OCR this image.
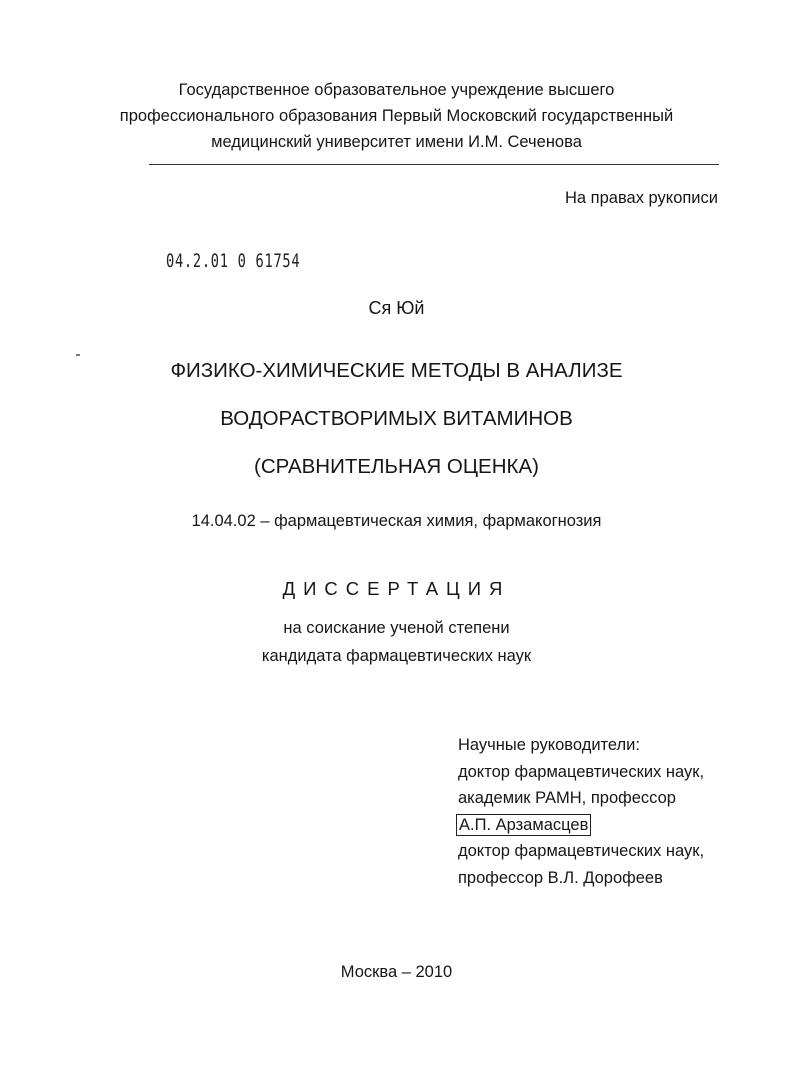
Государственное образовательное учреждение высшего
профессионального образования Первый Московский государственный
медицинский университет имени И.М. Сеченова
На правах рукописи
04.2.01 0 61754
Ся Юй
ФИЗИКО-ХИМИЧЕСКИЕ МЕТОДЫ В АНАЛИЗЕ
ВОДОРАСТВОРИМЫХ ВИТАМИНОВ
(СРАВНИТЕЛЬНАЯ ОЦЕНКА)
14.04.02 – фармацевтическая химия, фармакогнозия
ДИССЕРТАЦИЯ
на соискание ученой степени
кандидата фармацевтических наук
Научные руководители:
доктор фармацевтических наук,
академик РАМН, профессор
А.П. Арзамасцев
доктор фармацевтических наук,
профессор В.Л. Дорофеев
Москва – 2010
